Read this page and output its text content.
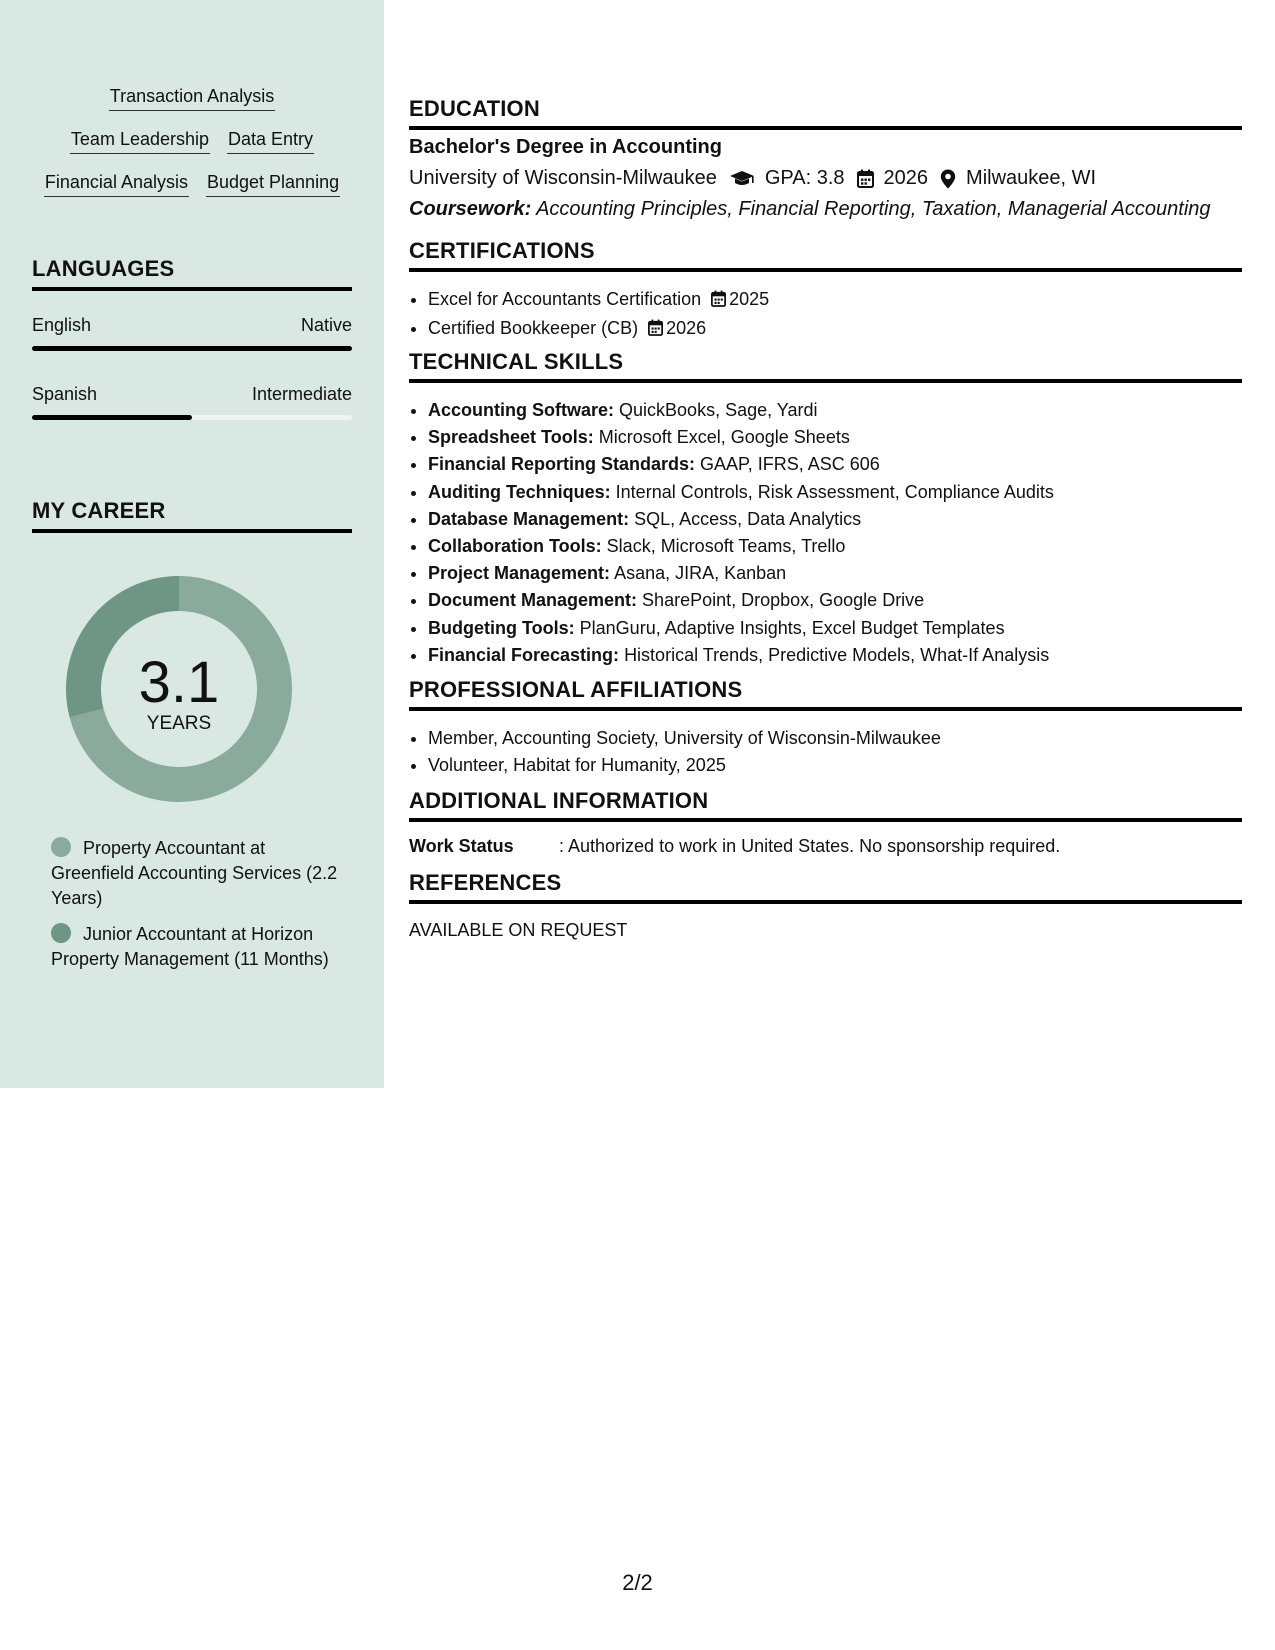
Transaction Analysis
Team Leadership Data Entry
Financial Analysis Budget Planning
LANGUAGES
English	Native
Spanish	Intermediate
MY CAREER
3.1
YEARS
Property Accountant at Greenfield Accounting Services (2.2 Years)
Junior Accountant at Horizon Property Management (11 Months)
EDUCATION
Bachelor's Degree in Accounting
University of Wisconsin-Milwaukee GPA: 3.8 2026 Milwaukee, WI
Coursework: Accounting Principles, Financial Reporting, Taxation, Managerial Accounting
CERTIFICATIONS
• Excel for Accountants Certification 2025
• Certified Bookkeeper (CB) 2026
TECHNICAL SKILLS
• Accounting Software: QuickBooks, Sage, Yardi
• Spreadsheet Tools: Microsoft Excel, Google Sheets
• Financial Reporting Standards: GAAP, IFRS, ASC 606
• Auditing Techniques: Internal Controls, Risk Assessment, Compliance Audits
• Database Management: SQL, Access, Data Analytics
• Collaboration Tools: Slack, Microsoft Teams, Trello
• Project Management: Asana, JIRA, Kanban
• Document Management: SharePoint, Dropbox, Google Drive
• Budgeting Tools: PlanGuru, Adaptive Insights, Excel Budget Templates
• Financial Forecasting: Historical Trends, Predictive Models, What-If Analysis
PROFESSIONAL AFFILIATIONS
• Member, Accounting Society, University of Wisconsin-Milwaukee
• Volunteer, Habitat for Humanity, 2025
ADDITIONAL INFORMATION
Work Status	: Authorized to work in United States. No sponsorship required.
REFERENCES
AVAILABLE ON REQUEST
2/2
